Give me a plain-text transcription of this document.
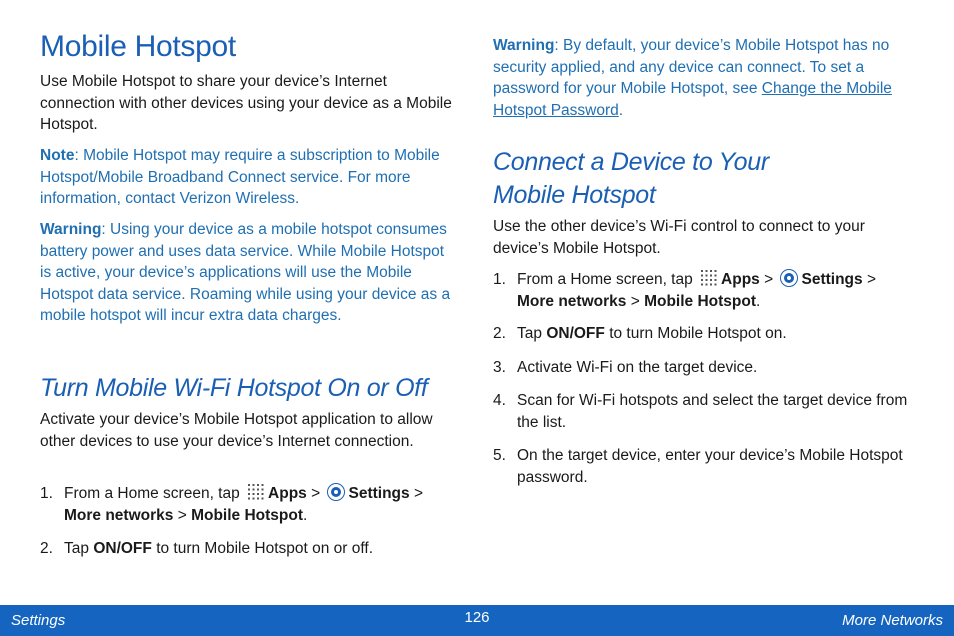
Mobile Hotspot

Use Mobile Hotspot to share your device’s Internet connection with other devices using your device as a Mobile Hotspot.

Note: Mobile Hotspot may require a subscription to Mobile Hotspot/Mobile Broadband Connect service. For more information, contact Verizon Wireless.

Warning: Using your device as a mobile hotspot consumes battery power and uses data service. While Mobile Hotspot is active, your device’s applications will use the Mobile Hotspot data service. Roaming while using your device as a mobile hotspot will incur extra data charges.

Turn Mobile Wi-Fi Hotspot On or Off

Activate your device’s Mobile Hotspot application to allow other devices to use your device’s Internet connection.

1. From a Home screen, tap Apps > Settings >
More networks > Mobile Hotspot.
2. Tap ON/OFF to turn Mobile Hotspot on or off.

Warning: By default, your device’s Mobile Hotspot has no security applied, and any device can connect. To set a password for your Mobile Hotspot, see Change the Mobile Hotspot Password.

Connect a Device to Your
Mobile Hotspot

Use the other device’s Wi-Fi control to connect to your device’s Mobile Hotspot.

1. From a Home screen, tap Apps > Settings >
More networks > Mobile Hotspot.
2. Tap ON/OFF to turn Mobile Hotspot on.
3. Activate Wi-Fi on the target device.
4. Scan for Wi-Fi hotspots and select the target device from the list.
5. On the target device, enter your device’s Mobile Hotspot password.
Settings	126	More Networks
